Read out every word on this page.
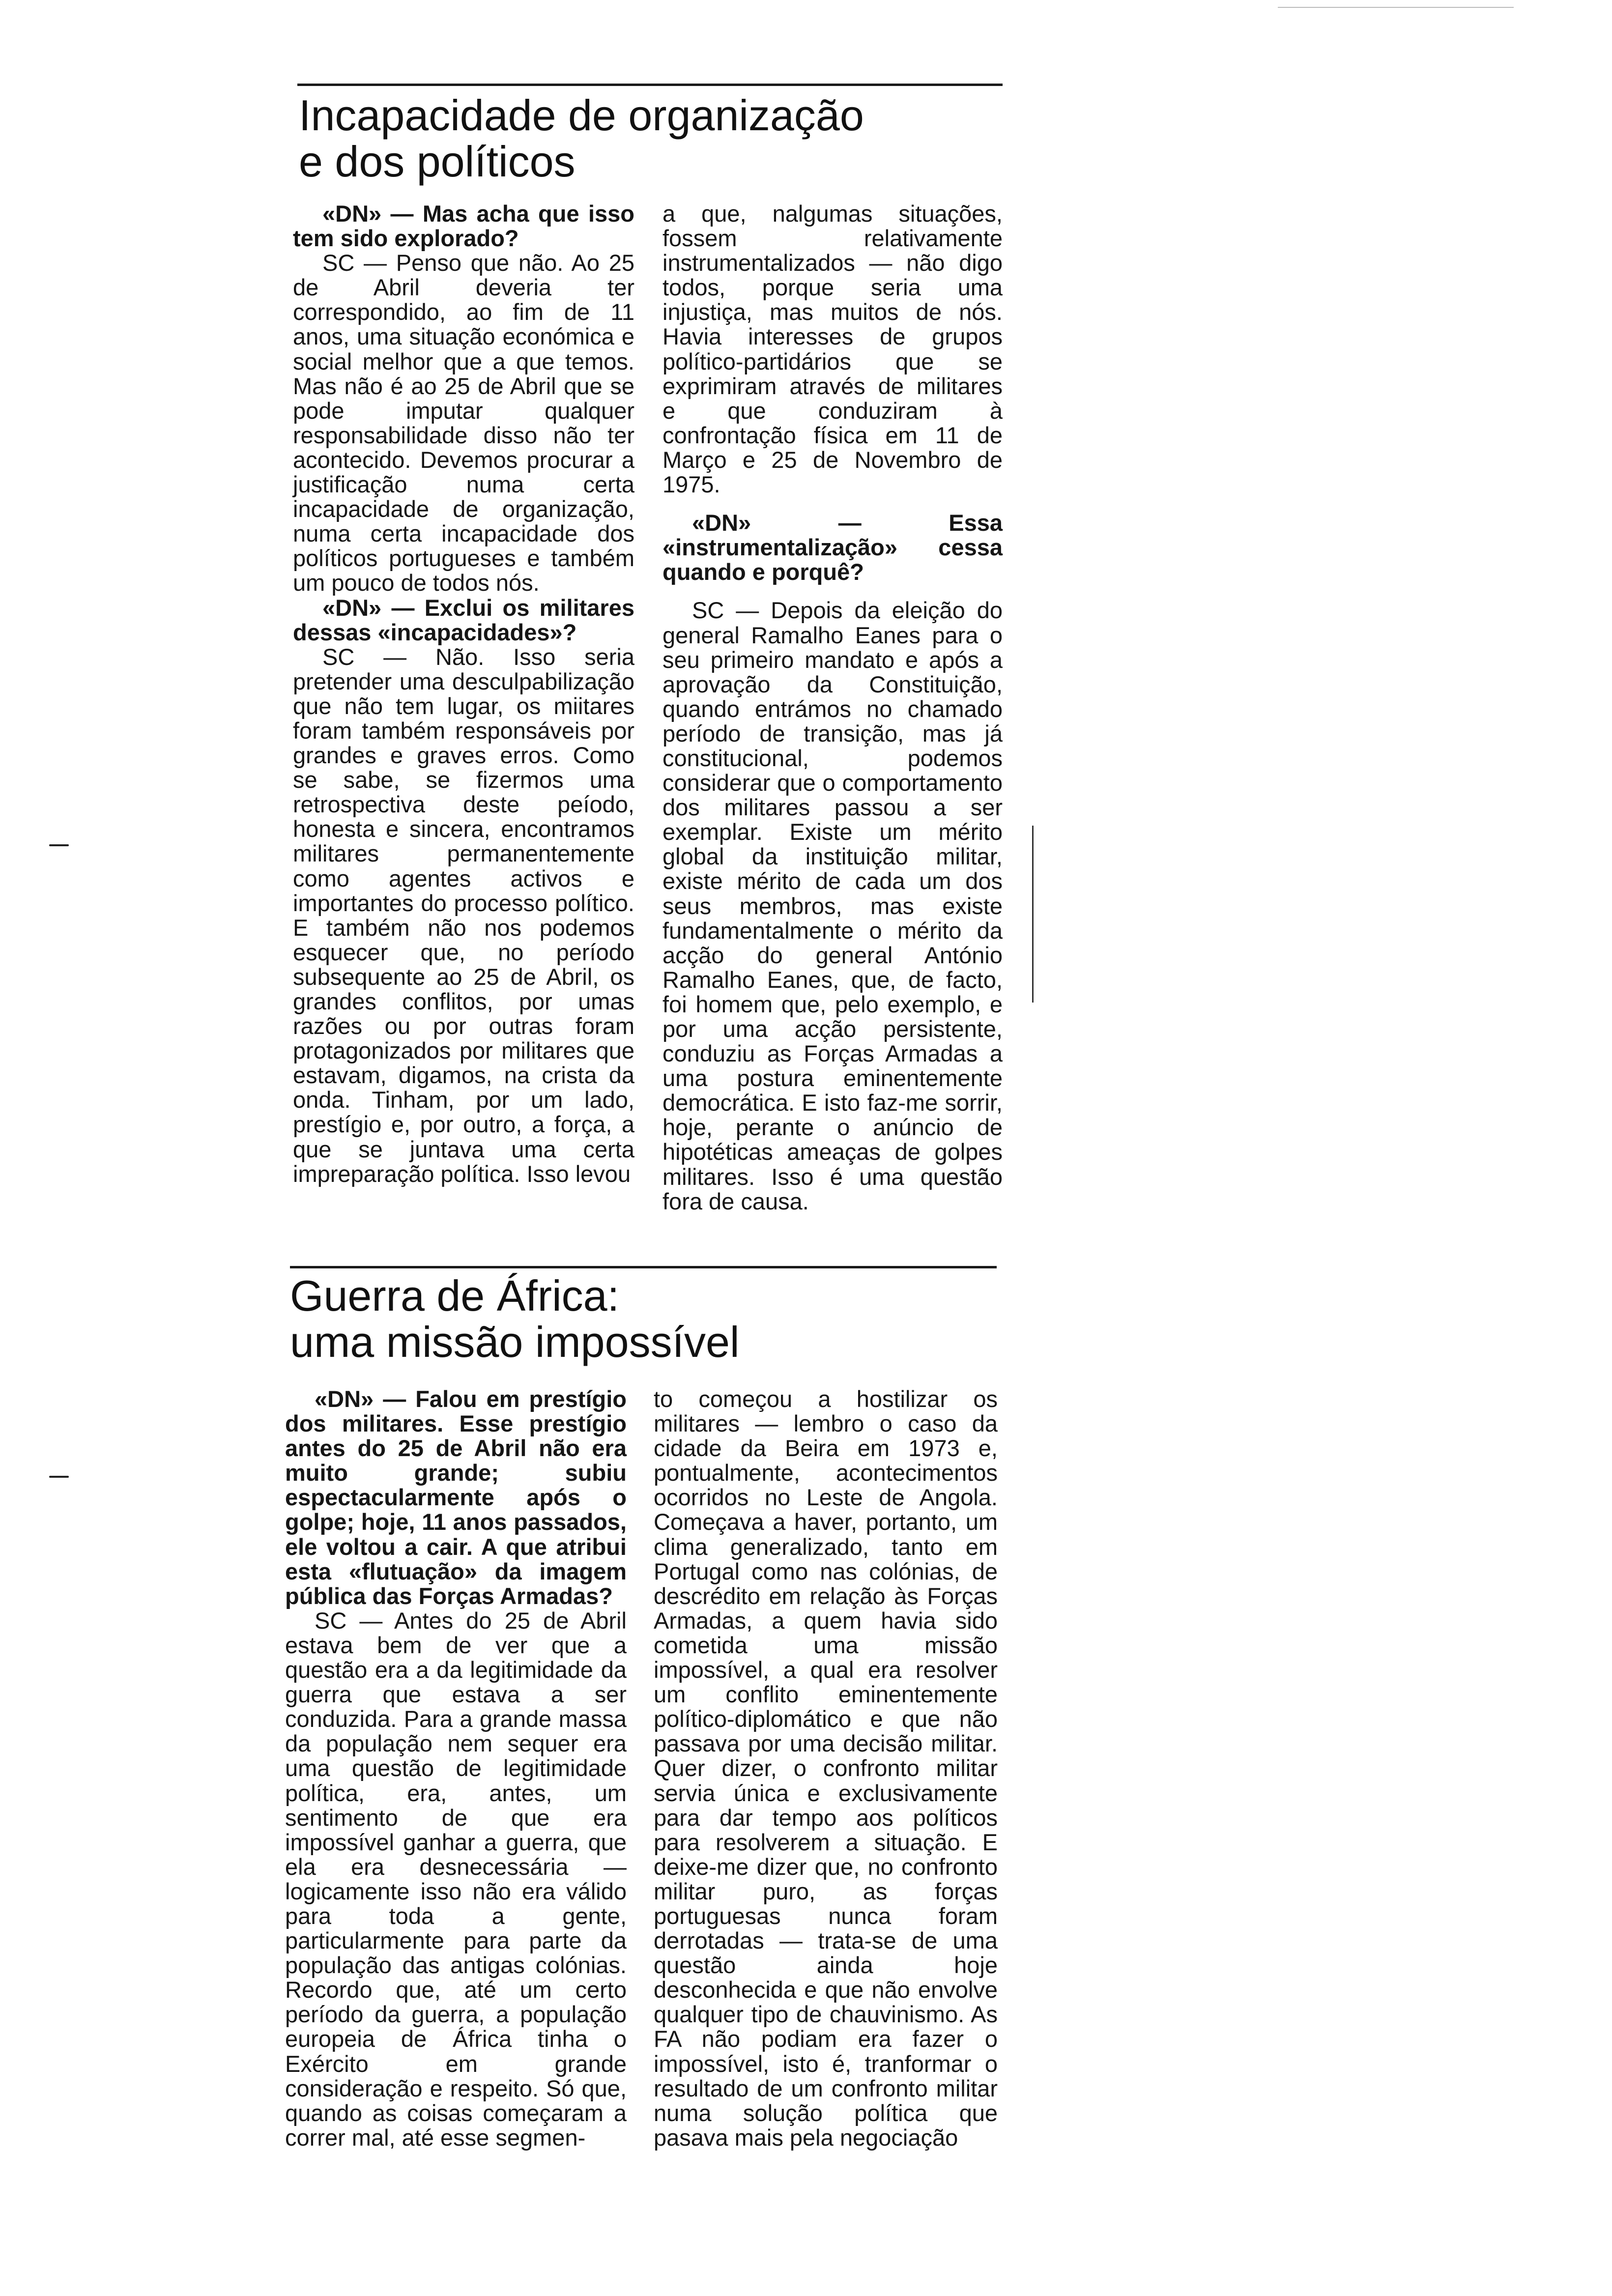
Incapacidade de organização
e dos políticos

«DN» — Mas acha que isso tem sido explorado?

SC — Penso que não. Ao 25 de Abril deveria ter correspondido, ao fim de 11 anos, uma situação económica e social melhor que a que temos. Mas não é ao 25 de Abril que se pode imputar qualquer responsabilidade disso não ter acontecido. Devemos procurar a justificação numa certa incapacidade de organização, numa certa incapacidade dos políticos portugueses e também um pouco de todos nós.

«DN» — Exclui os militares dessas «incapacidades»?

SC — Não. Isso seria pretender uma desculpabilização que não tem lugar, os miitares foram também responsáveis por grandes e graves erros. Como se sabe, se fizermos uma retrospectiva deste peíodo, honesta e sincera, encontramos militares permanentemente como agentes activos e importantes do processo político. E também não nos podemos esquecer que, no período subsequente ao 25 de Abril, os grandes conflitos, por umas razões ou por outras foram protagonizados por militares que estavam, digamos, na crista da onda. Tinham, por um lado, prestígio e, por outro, a força, a que se juntava uma certa impreparação política. Isso levou

a que, nalgumas situações, fossem relativamente instrumentalizados — não digo todos, porque seria uma injustiça, mas muitos de nós. Havia interesses de grupos político-partidários que se exprimiram através de militares e que conduziram à confrontação física em 11 de Março e 25 de Novembro de 1975.

«DN» — Essa «instrumentalização» cessa quando e porquê?

SC — Depois da eleição do general Ramalho Eanes para o seu primeiro mandato e após a aprovação da Constituição, quando entrámos no chamado período de transição, mas já constitucional, podemos considerar que o comportamento dos militares passou a ser exemplar. Existe um mérito global da instituição militar, existe mérito de cada um dos seus membros, mas existe fundamentalmente o mérito da acção do general António Ramalho Eanes, que, de facto, foi homem que, pelo exemplo, e por uma acção persistente, conduziu as Forças Armadas a uma postura eminentemente democrática. E isto faz-me sorrir, hoje, perante o anúncio de hipotéticas ameaças de golpes militares. Isso é uma questão fora de causa.

Guerra de África:
uma missão impossível

«DN» — Falou em prestígio dos militares. Esse prestígio antes do 25 de Abril não era muito grande; subiu espectacularmente após o golpe; hoje, 11 anos passados, ele voltou a cair. A que atribui esta «flutuação» da imagem pública das Forças Armadas?

SC — Antes do 25 de Abril estava bem de ver que a questão era a da legitimidade da guerra que estava a ser conduzida. Para a grande massa da população nem sequer era uma questão de legitimidade política, era, antes, um sentimento de que era impossível ganhar a guerra, que ela era desnecessária — logicamente isso não era válido para toda a gente, particularmente para parte da população das antigas colónias. Recordo que, até um certo período da guerra, a população europeia de África tinha o Exército em grande consideração e respeito. Só que, quando as coisas começaram a correr mal, até esse segmen-

to começou a hostilizar os militares — lembro o caso da cidade da Beira em 1973 e, pontualmente, acontecimentos ocorridos no Leste de Angola. Começava a haver, portanto, um clima generalizado, tanto em Portugal como nas colónias, de descrédito em relação às Forças Armadas, a quem havia sido cometida uma missão impossível, a qual era resolver um conflito eminentemente político-diplomático e que não passava por uma decisão militar. Quer dizer, o confronto militar servia única e exclusivamente para dar tempo aos políticos para resolverem a situação. E deixe-me dizer que, no confronto militar puro, as forças portuguesas nunca foram derrotadas — trata-se de uma questão ainda hoje desconhecida e que não envolve qualquer tipo de chauvinismo. As FA não podiam era fazer o impossível, isto é, tranformar o resultado de um confronto militar numa solução política que pasava mais pela negociação
